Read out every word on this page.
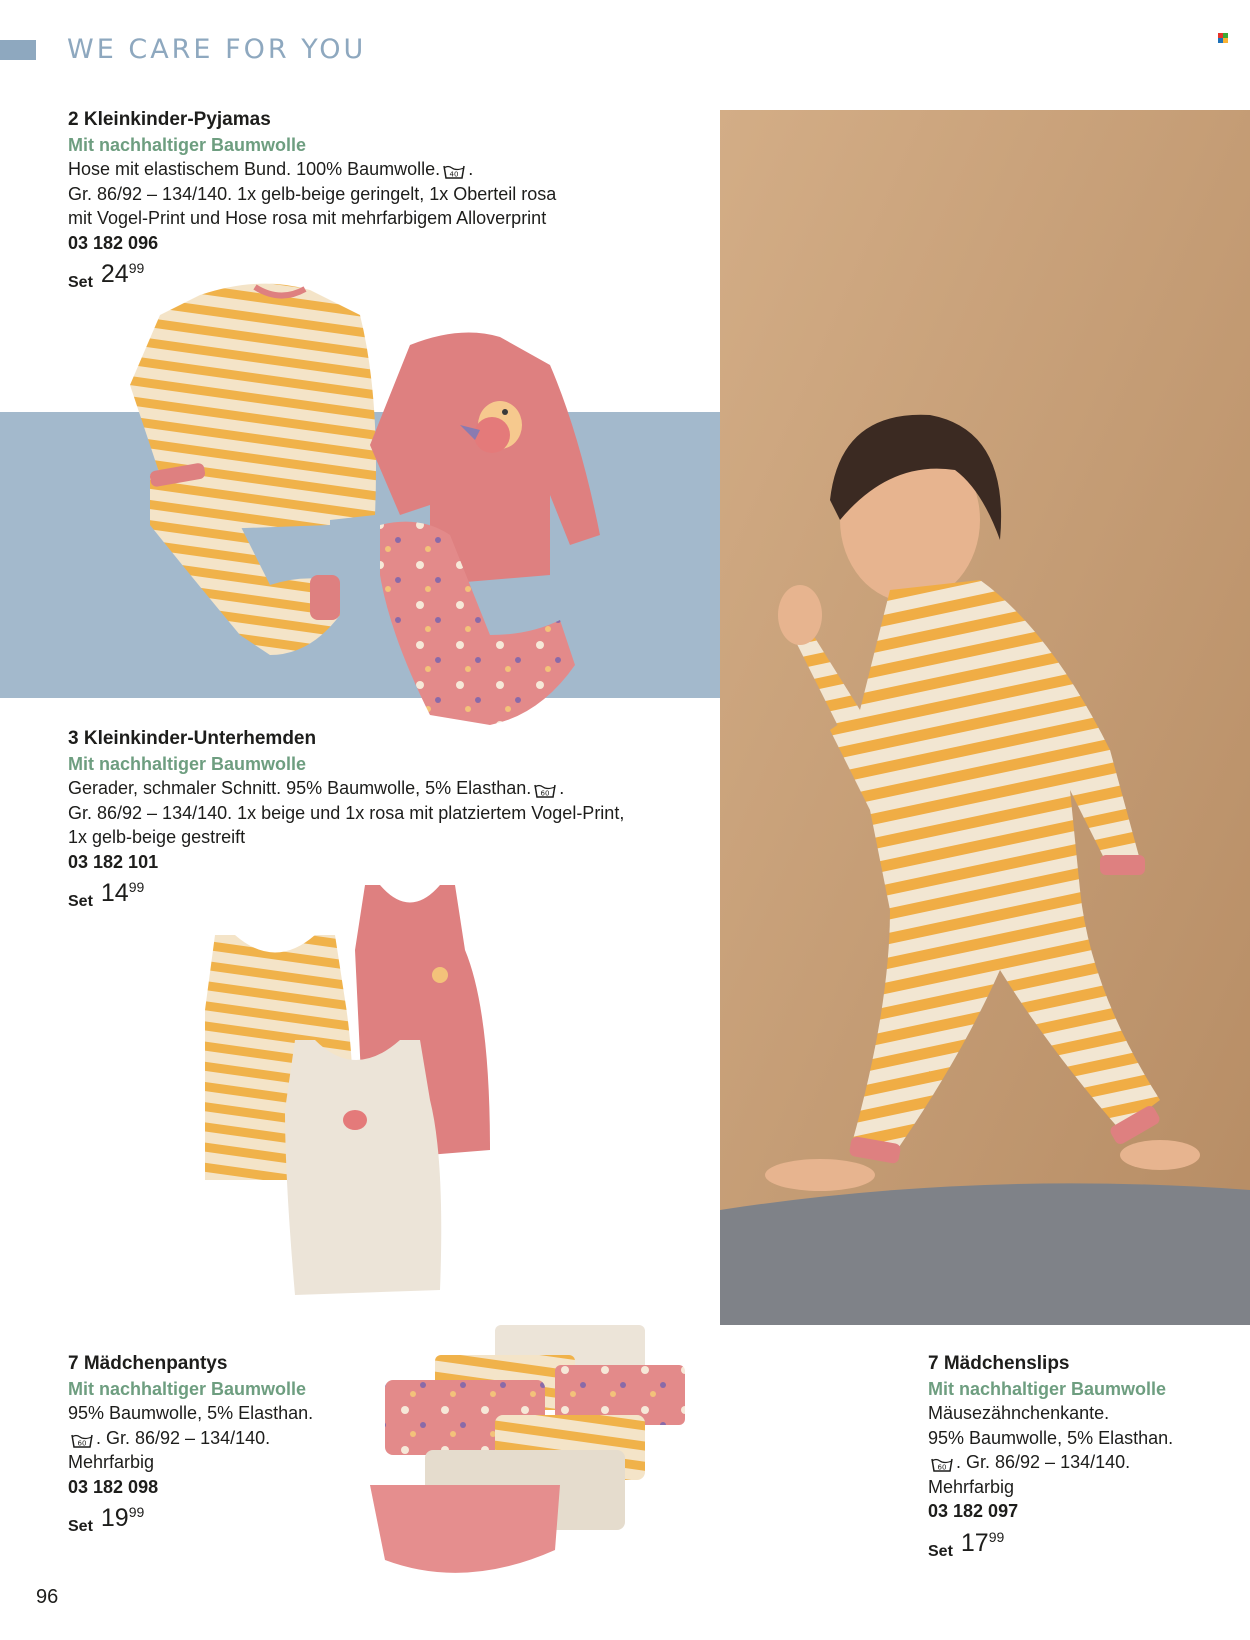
WE CARE FOR YOU
2 Kleinkinder-Pyjamas
Mit nachhaltiger Baumwolle
Hose mit elastischem Bund. 100% Baumwolle. 40 .
Gr. 86/92 – 134/140. 1x gelb-beige geringelt, 1x Oberteil rosa
mit Vogel-Print und Hose rosa mit mehrfarbigem Alloverprint
03 182 096
Set 24 99
3 Kleinkinder-Unterhemden
Mit nachhaltiger Baumwolle
Gerader, schmaler Schnitt. 95% Baumwolle, 5% Elasthan. 60 .
Gr. 86/92 – 134/140. 1x beige und 1x rosa mit platziertem Vogel-Print,
1x gelb-beige gestreift
03 182 101
Set 14 99
7 Mädchenpantys
Mit nachhaltiger Baumwolle
95% Baumwolle, 5% Elasthan.
60 . Gr. 86/92 – 134/140.
Mehrfarbig
03 182 098
Set 19 99
7 Mädchenslips
Mit nachhaltiger Baumwolle
Mäusezähnchenkante.
95% Baumwolle, 5% Elasthan.
60 . Gr. 86/92 – 134/140.
Mehrfarbig
03 182 097
Set 17 99
96
